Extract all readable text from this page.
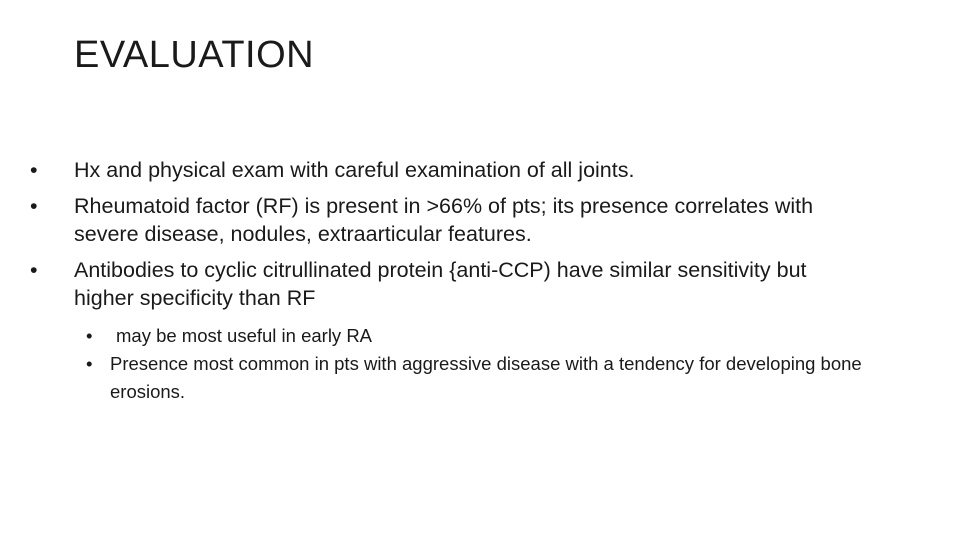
EVALUATION

•	Hx and physical exam with careful examination of all joints.

•	Rheumatoid factor (RF) is present in >66% of pts; its presence correlates with severe disease, nodules, extraarticular features.

•	Antibodies to cyclic citrullinated protein {anti-CCP) have similar sensitivity but higher specificity than RF

•	may be most useful in early RA

• Presence most common in pts with aggressive disease with a tendency for developing bone erosions.
